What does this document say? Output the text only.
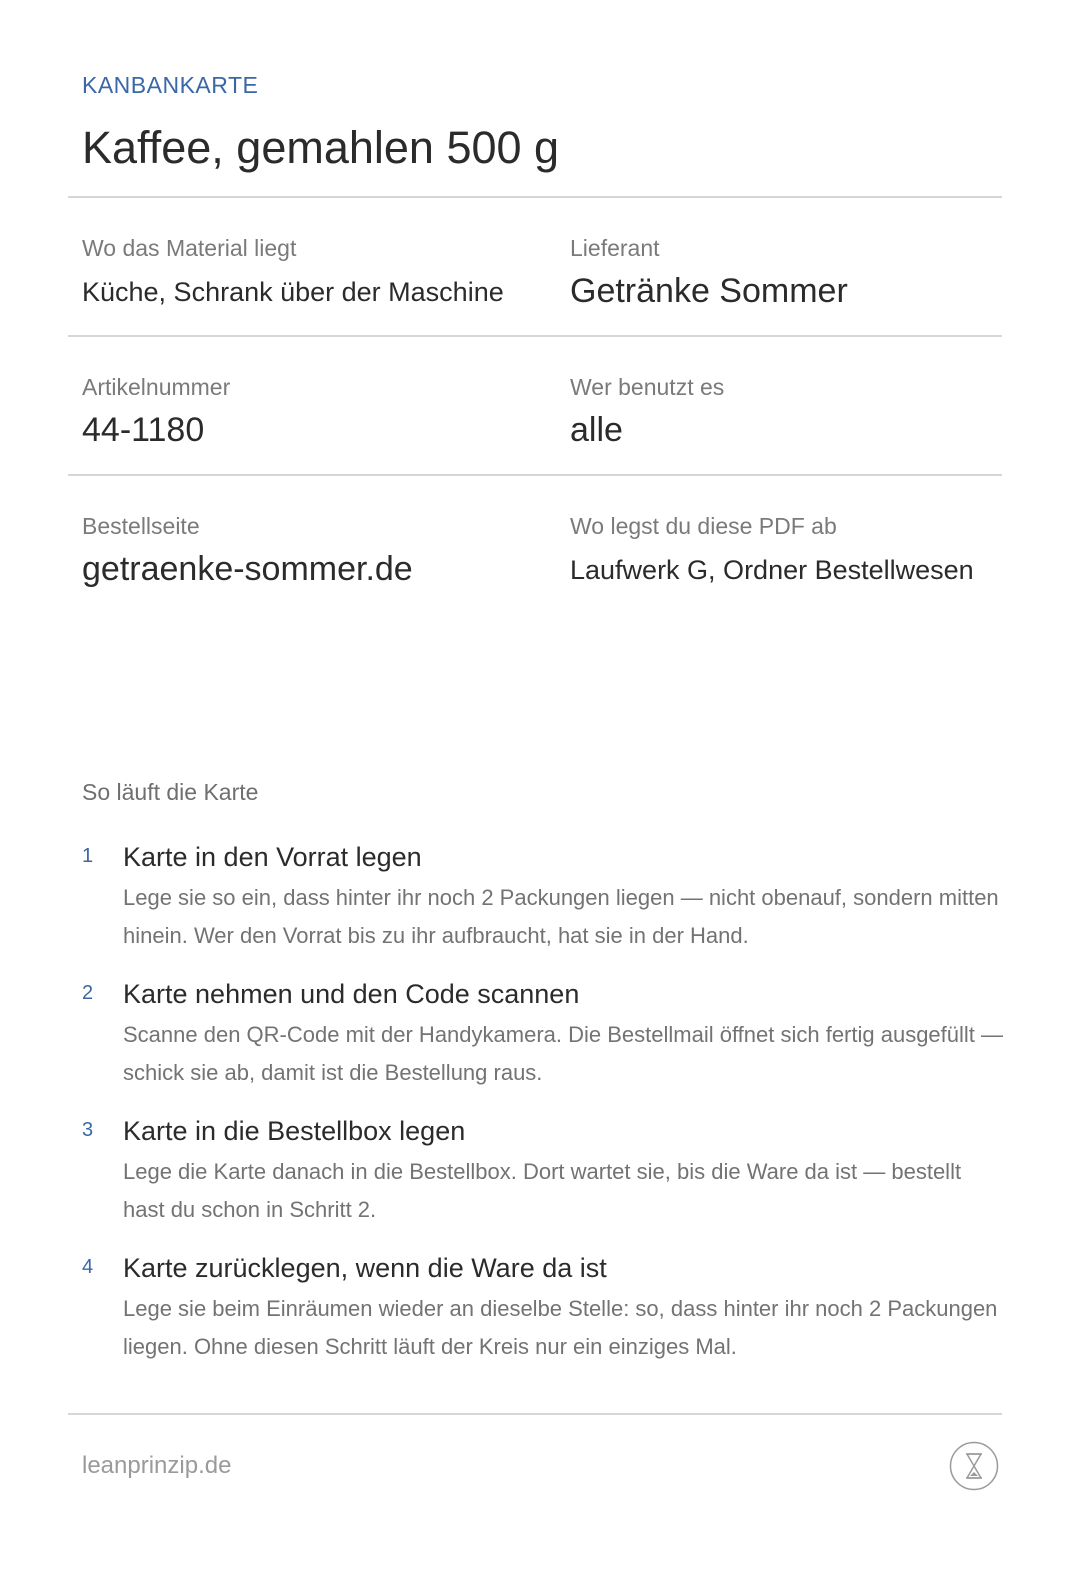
KANBANKARTE
Kaffee, gemahlen 500 g
Wo das Material liegt
Küche, Schrank über der Maschine
Lieferant
Getränke Sommer
Artikelnummer
44-1180
Wer benutzt es
alle
Bestellseite
getraenke-sommer.de
Wo legst du diese PDF ab
Laufwerk G, Ordner Bestellwesen
So läuft die Karte
1 Karte in den Vorrat legen
Lege sie so ein, dass hinter ihr noch 2 Packungen liegen — nicht obenauf, sondern mitten hinein. Wer den Vorrat bis zu ihr aufbraucht, hat sie in der Hand.
2 Karte nehmen und den Code scannen
Scanne den QR-Code mit der Handykamera. Die Bestellmail öffnet sich fertig ausgefüllt — schick sie ab, damit ist die Bestellung raus.
3 Karte in die Bestellbox legen
Lege die Karte danach in die Bestellbox. Dort wartet sie, bis die Ware da ist — bestellt hast du schon in Schritt 2.
4 Karte zurücklegen, wenn die Ware da ist
Lege sie beim Einräumen wieder an dieselbe Stelle: so, dass hinter ihr noch 2 Packungen liegen. Ohne diesen Schritt läuft der Kreis nur ein einziges Mal.
leanprinzip.de
